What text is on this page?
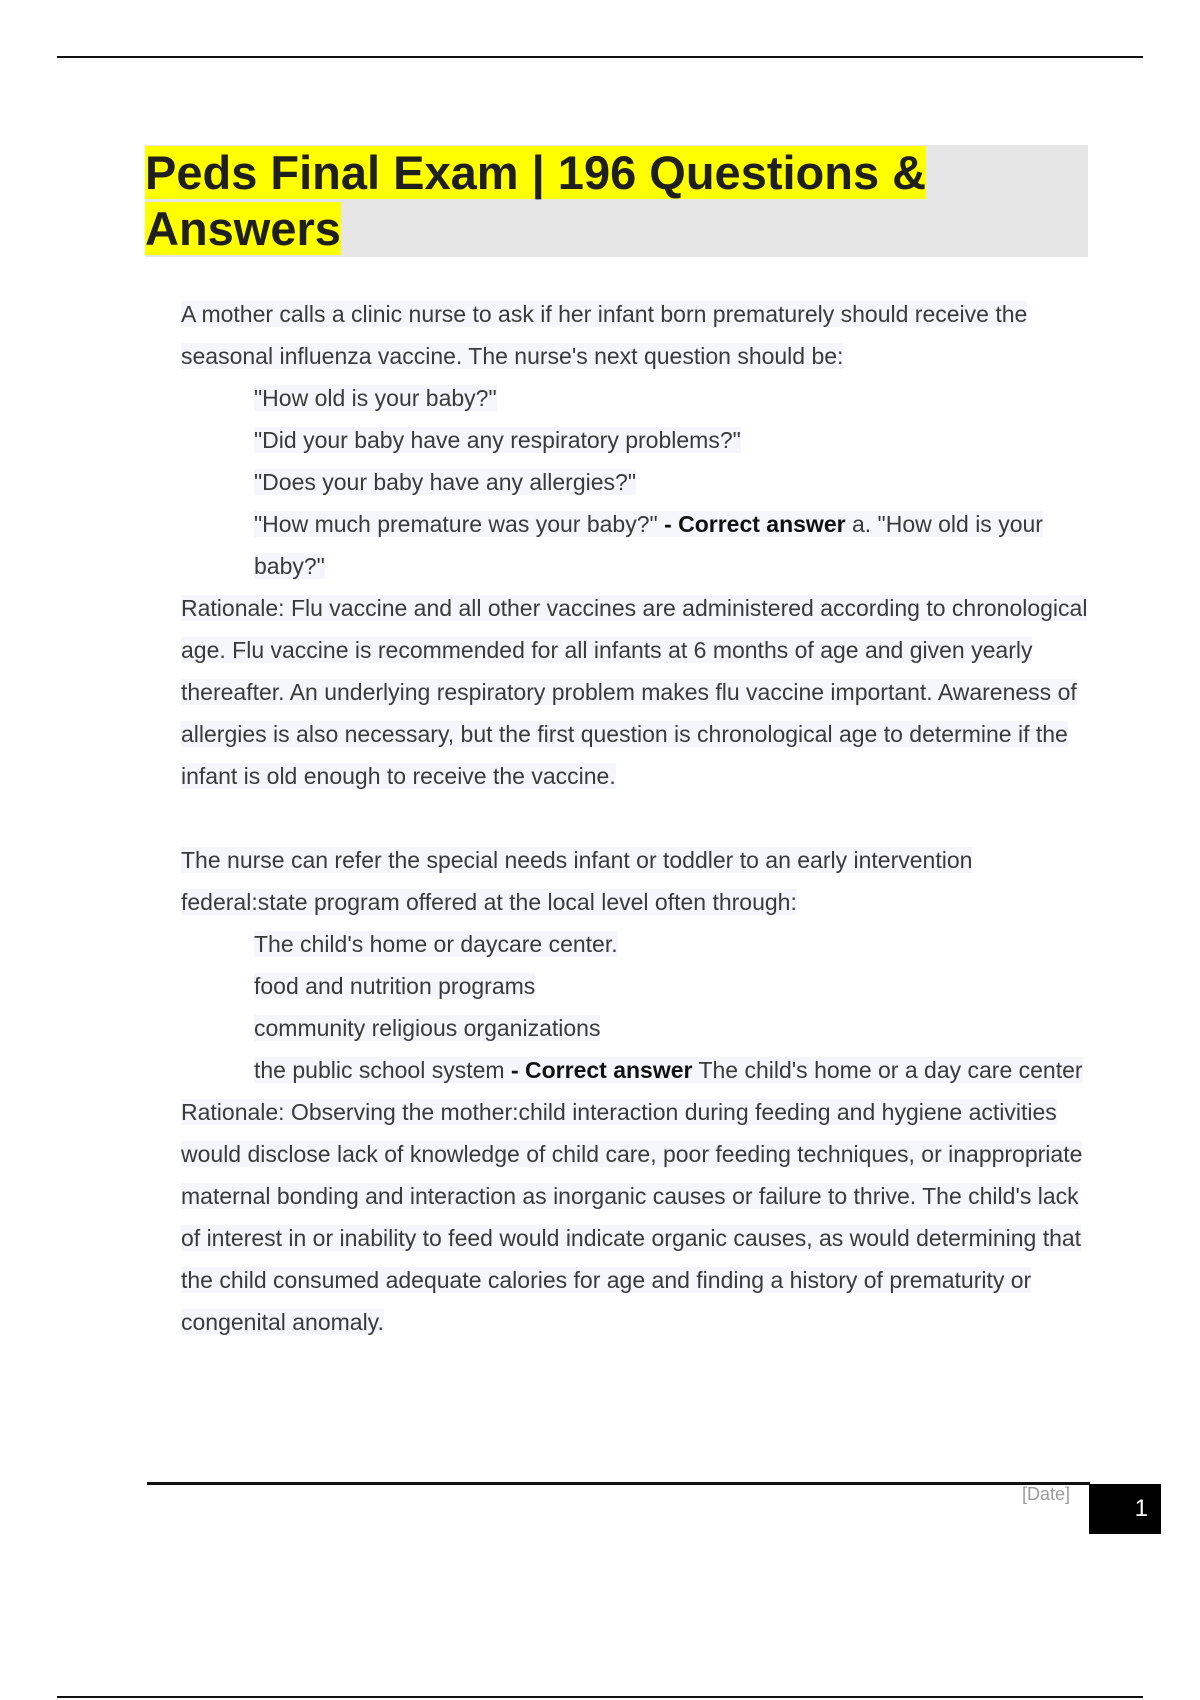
Peds Final Exam | 196 Questions & Answers

A mother calls a clinic nurse to ask if her infant born prematurely should receive the seasonal influenza vaccine. The nurse's next question should be:

"How old is your baby?"

"Did your baby have any respiratory problems?"

"Does your baby have any allergies?"

"How much premature was your baby?" - Correct answer a. "How old is your baby?"

Rationale: Flu vaccine and all other vaccines are administered according to chronological age. Flu vaccine is recommended for all infants at 6 months of age and given yearly thereafter. An underlying respiratory problem makes flu vaccine important. Awareness of allergies is also necessary, but the first question is chronological age to determine if the infant is old enough to receive the vaccine.

The nurse can refer the special needs infant or toddler to an early intervention federal:state program offered at the local level often through:

The child's home or daycare center.

food and nutrition programs

community religious organizations

the public school system - Correct answer The child's home or a day care center

Rationale: Observing the mother:child interaction during feeding and hygiene activities would disclose lack of knowledge of child care, poor feeding techniques, or inappropriate maternal bonding and interaction as inorganic causes or failure to thrive. The child's lack of interest in or inability to feed would indicate organic causes, as would determining that the child consumed adequate calories for age and finding a history of prematurity or congenital anomaly.

[Date]
1
